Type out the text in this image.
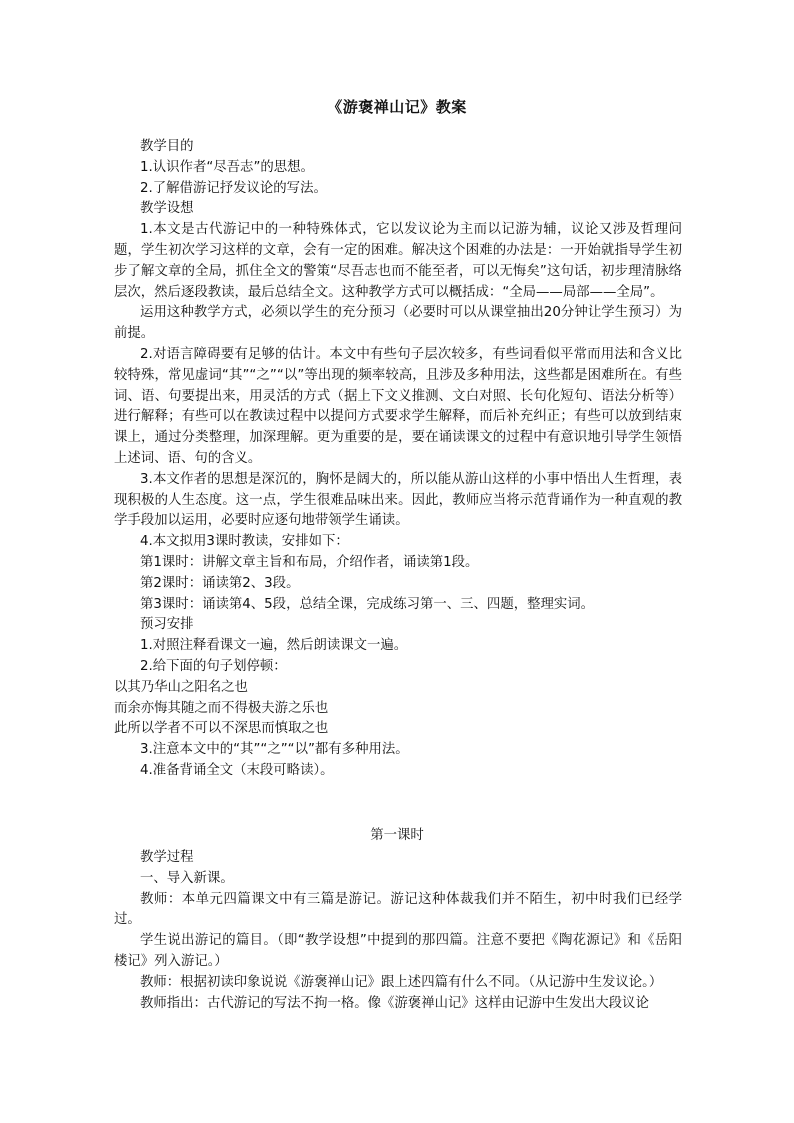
《游褒禅山记》教案

教学目的

1.认识作者“尽吾志”的思想。

2.了解借游记抒发议论的写法。

教学设想

1.本文是古代游记中的一种特殊体式，它以发议论为主而以记游为辅，议论又涉及哲理问题，学生初次学习这样的文章，会有一定的困难。解决这个困难的办法是：一开始就指导学生初步了解文章的全局，抓住全文的警策“尽吾志也而不能至者，可以无悔矣”这句话，初步理清脉络层次，然后逐段教读，最后总结全文。这种教学方式可以概括成：“全局——局部——全局”。

运用这种教学方式，必须以学生的充分预习（必要时可以从课堂抽出20分钟让学生预习）为前提。

2.对语言障碍要有足够的估计。本文中有些句子层次较多，有些词看似平常而用法和含义比较特殊，常见虚词“其”“之”“以”等出现的频率较高，且涉及多种用法，这些都是困难所在。有些词、语、句要提出来，用灵活的方式（据上下文义推测、文白对照、长句化短句、语法分析等）进行解释；有些可以在教读过程中以提问方式要求学生解释，而后补充纠正；有些可以放到结束课上，通过分类整理，加深理解。更为重要的是，要在诵读课文的过程中有意识地引导学生领悟上述词、语、句的含义。

3.本文作者的思想是深沉的，胸怀是阔大的，所以能从游山这样的小事中悟出人生哲理，表现积极的人生态度。这一点，学生很难品味出来。因此，教师应当将示范背诵作为一种直观的教学手段加以运用，必要时应逐句地带领学生诵读。

4.本文拟用3课时教读，安排如下：

第1课时：讲解文章主旨和布局，介绍作者，诵读第1段。

第2课时：诵读第2、3段。

第3课时：诵读第4、5段，总结全课，完成练习第一、三、四题，整理实词。

预习安排

1.对照注释看课文一遍，然后朗读课文一遍。

2.给下面的句子划停顿：

以其乃华山之阳名之也

而余亦悔其随之而不得极夫游之乐也

此所以学者不可以不深思而慎取之也

3.注意本文中的“其”“之”“以”都有多种用法。

4.准备背诵全文（末段可略读）。

第一课时

教学过程

一、导入新课。

教师：本单元四篇课文中有三篇是游记。游记这种体裁我们并不陌生，初中时我们已经学过。

学生说出游记的篇目。（即“教学设想”中提到的那四篇。注意不要把《陶花源记》和《岳阳楼记》列入游记。）

教师：根据初读印象说说《游褒禅山记》跟上述四篇有什么不同。（从记游中生发议论。）

教师指出：古代游记的写法不拘一格。像《游褒禅山记》这样由记游中生发出大段议论
